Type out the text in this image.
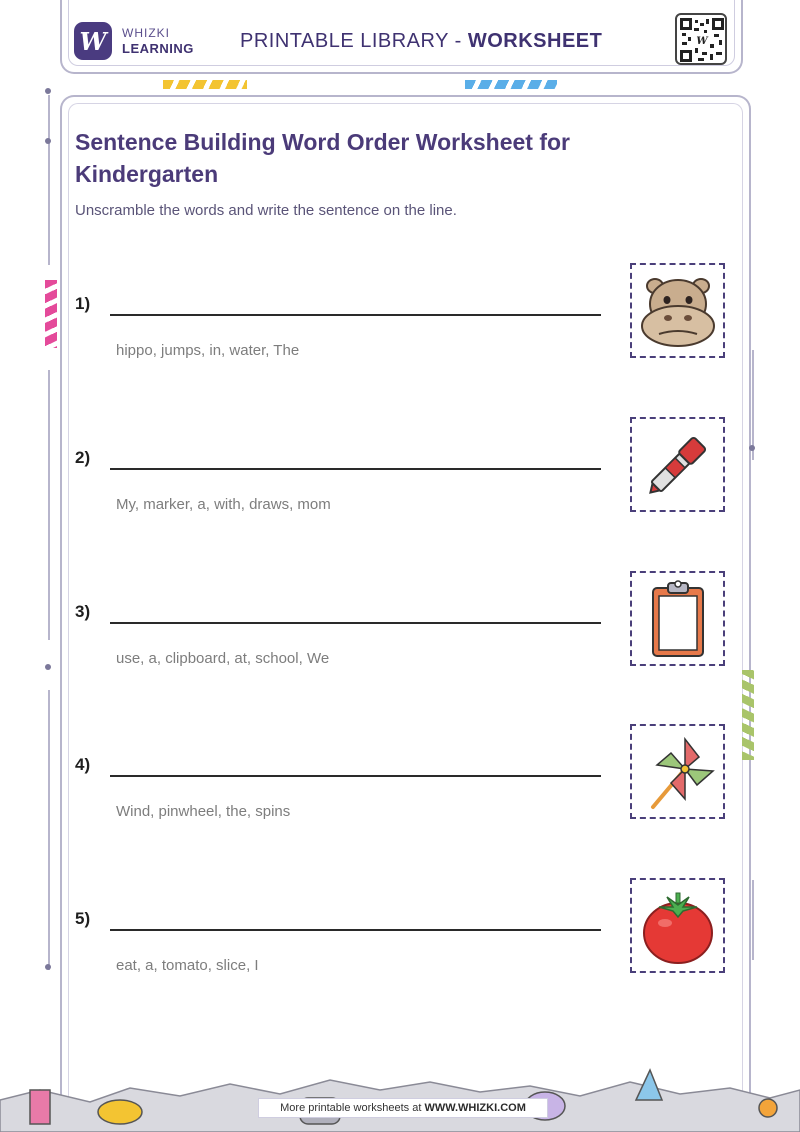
W WHIZKI
LEARNING PRINTABLE LIBRARY - WORKSHEET	W
Sentence Building Word Order Worksheet for Kindergarten
Unscramble the words and write the sentence on the line.
1)
hippo, jumps, in, water, The
2)
My, marker, a, with, draws, mom
3)
use, a, clipboard, at, school, We
4)
Wind, pinwheel, the, spins
5)
eat, a, tomato, slice, I
More printable worksheets at WWW.WHIZKI.COM
